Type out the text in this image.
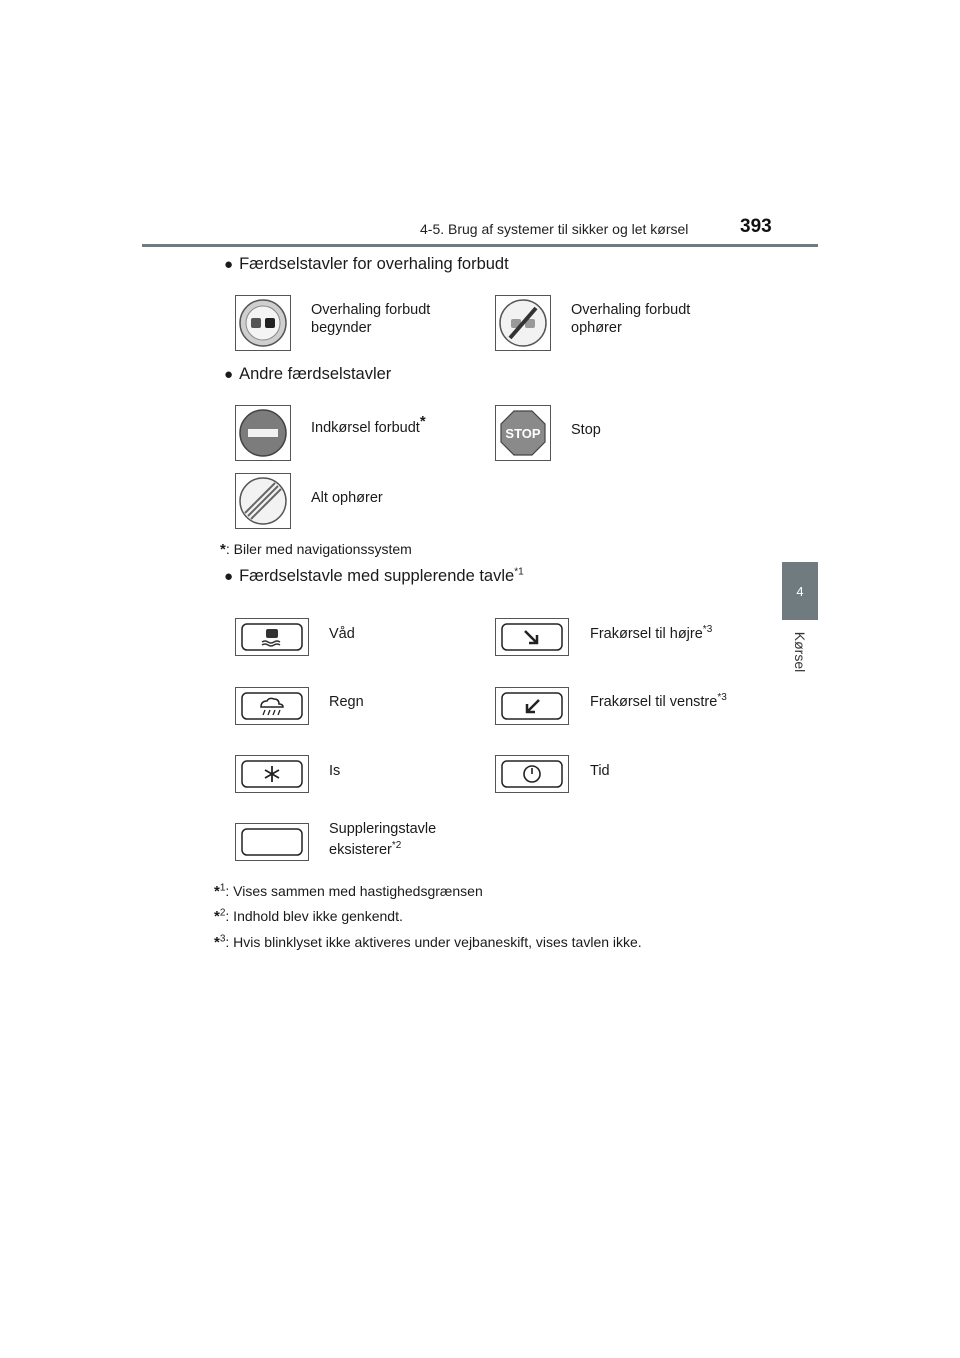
4-5. Brug af systemer til sikker og let kørsel	393
4
Kørsel
● Færdselstavler for overhaling forbudt
Overhaling forbudt begynder
Overhaling forbudt ophører
● Andre færdselstavler
Indkørsel forbudt*
STOP Stop
Alt ophører
*: Biler med navigationssystem
● Færdselstavle med supplerende tavle$^{*1}$
Våd	Frakørsel til højre$^{*3}$
Regn	Frakørsel til venstre$^{*3}$
Is	Tid
Suppleringstavle
eksisterer$^{*2}$
*$^1$: Vises sammen med hastighedsgrænsen
*$^2$: Indhold blev ikke genkendt.
*$^3$: Hvis blinklyset ikke aktiveres under vejbaneskift, vises tavlen ikke.
